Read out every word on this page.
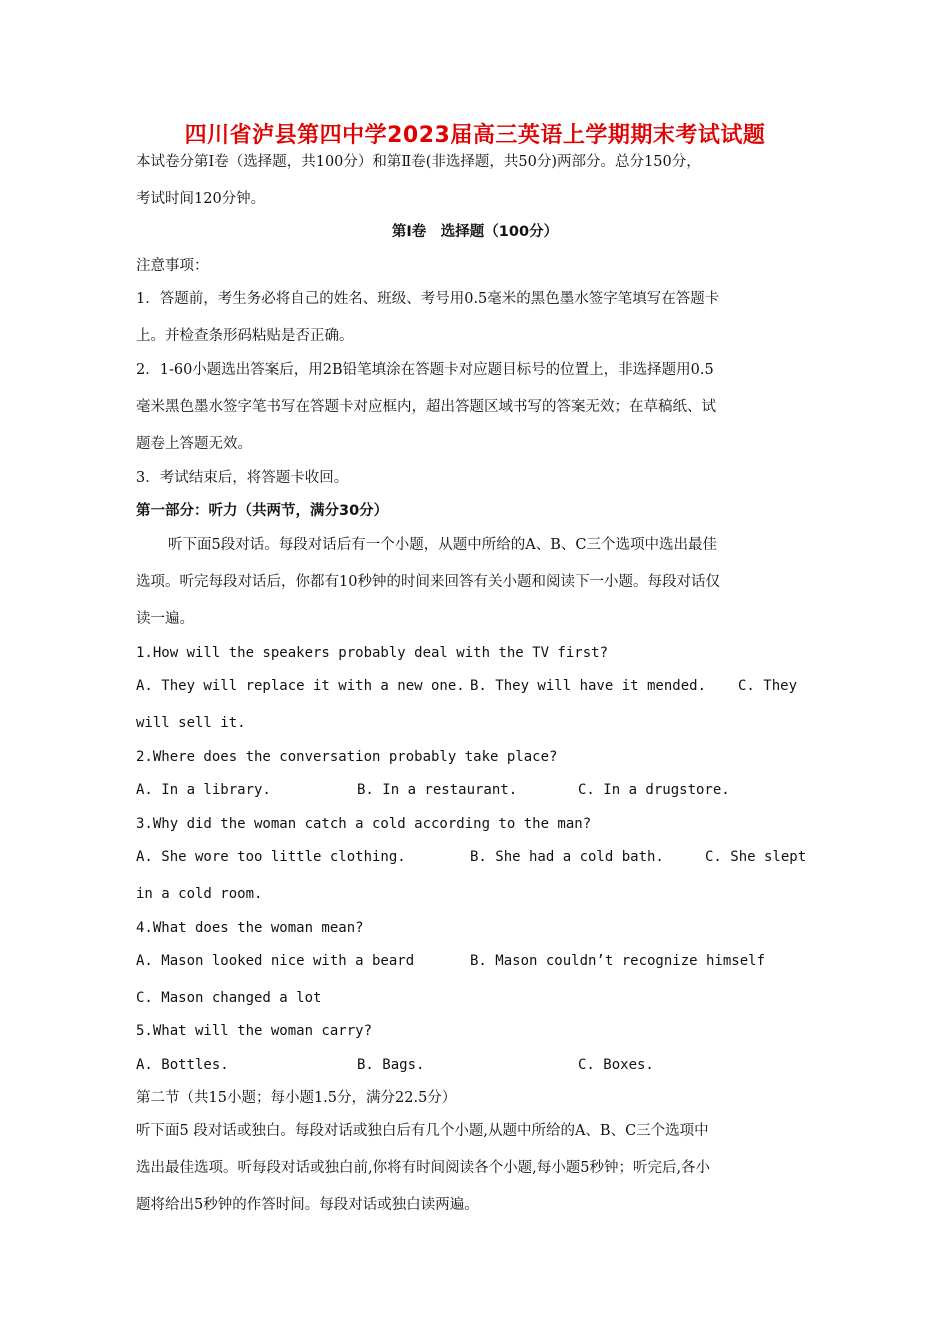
四川省泸县第四中学2023届高三英语上学期期末考试试题
本试卷分第Ⅰ卷（选择题，共100分）和第Ⅱ卷(非选择题，共50分)两部分。总分150分，
考试时间120分钟。
第Ⅰ卷　选择题（100分）
注意事项：
1．答题前，考生务必将自己的姓名、班级、考号用0.5毫米的黑色墨水签字笔填写在答题卡
上。并检查条形码粘贴是否正确。
2．1-60小题选出答案后，用2B铅笔填涂在答题卡对应题目标号的位置上，非选择题用0.5
毫米黑色墨水签字笔书写在答题卡对应框内，超出答题区域书写的答案无效；在草稿纸、试
题卷上答题无效。
3．考试结束后，将答题卡收回。
第一部分：听力（共两节，满分30分）
听下面5段对话。每段对话后有一个小题，从题中所给的A、B、C三个选项中选出最佳
选项。听完每段对话后，你都有10秒钟的时间来回答有关小题和阅读下一小题。每段对话仅
读一遍。
1.How will the speakers probably deal with the TV first?
A. They will replace it with a new one. B. They will have it mended. C. They
will sell it.
2.Where does the conversation probably take place?
A. In a library.	B. In a restaurant.	C. In a drugstore.
3.Why did the woman catch a cold according to the man?
A. She wore too little clothing.	B. She had a cold bath.	C. She slept
in a cold room.
4.What does the woman mean?
A. Mason looked nice with a beard	B. Mason couldn’t recognize himself
C. Mason changed a lot
5.What will the woman carry?
A. Bottles.	B. Bags.	C. Boxes.
第二节（共15小题；每小题1.5分，满分22.5分）
听下面5 段对话或独白。每段对话或独白后有几个小题,从题中所给的A、B、C三个选项中
选出最佳选项。听每段对话或独白前,你将有时间阅读各个小题,每小题5秒钟；听完后,各小
题将给出5秒钟的作答时间。每段对话或独白读两遍。
